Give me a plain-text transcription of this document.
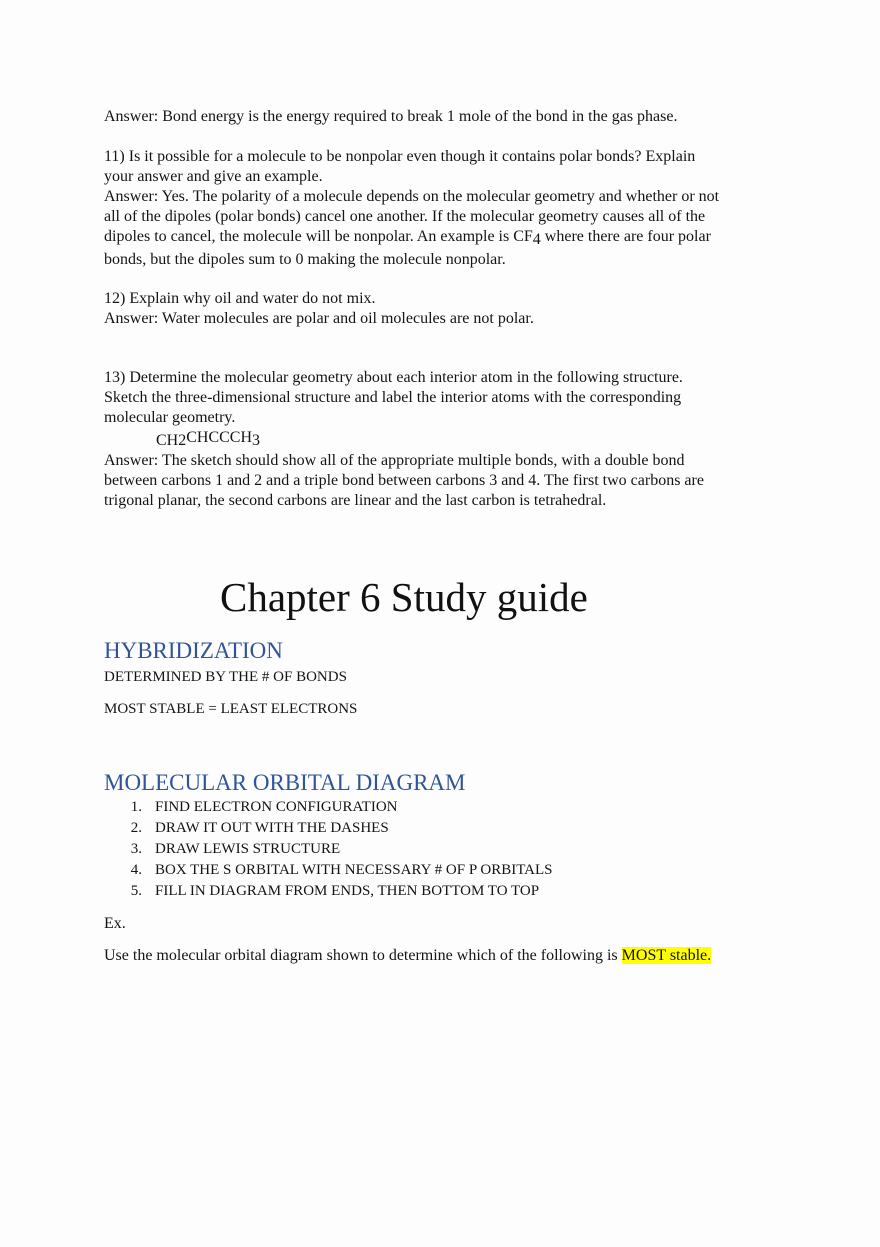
Answer: Bond energy is the energy required to break 1 mole of the bond in the gas phase.
11) Is it possible for a molecule to be nonpolar even though it contains polar bonds? Explain
your answer and give an example.
Answer: Yes. The polarity of a molecule depends on the molecular geometry and whether or not
all of the dipoles (polar bonds) cancel one another. If the molecular geometry causes all of the
dipoles to cancel, the molecule will be nonpolar. An example is CF4 where there are four polar
bonds, but the dipoles sum to 0 making the molecule nonpolar.
12) Explain why oil and water do not mix.
Answer: Water molecules are polar and oil molecules are not polar.
13) Determine the molecular geometry about each interior atom in the following structure.
Sketch the three-dimensional structure and label the interior atoms with the corresponding
molecular geometry.
CH2CHCCCH3
Answer: The sketch should show all of the appropriate multiple bonds, with a double bond
between carbons 1 and 2 and a triple bond between carbons 3 and 4. The first two carbons are
trigonal planar, the second carbons are linear and the last carbon is tetrahedral.
Chapter 6 Study guide
HYBRIDIZATION
DETERMINED BY THE # OF BONDS
MOST STABLE = LEAST ELECTRONS
MOLECULAR ORBITAL DIAGRAM
1. FIND ELECTRON CONFIGURATION
2. DRAW IT OUT WITH THE DASHES
3. DRAW LEWIS STRUCTURE
4. BOX THE S ORBITAL WITH NECESSARY # OF P ORBITALS
5. FILL IN DIAGRAM FROM ENDS, THEN BOTTOM TO TOP
Ex.
Use the molecular orbital diagram shown to determine which of the following is MOST stable.
